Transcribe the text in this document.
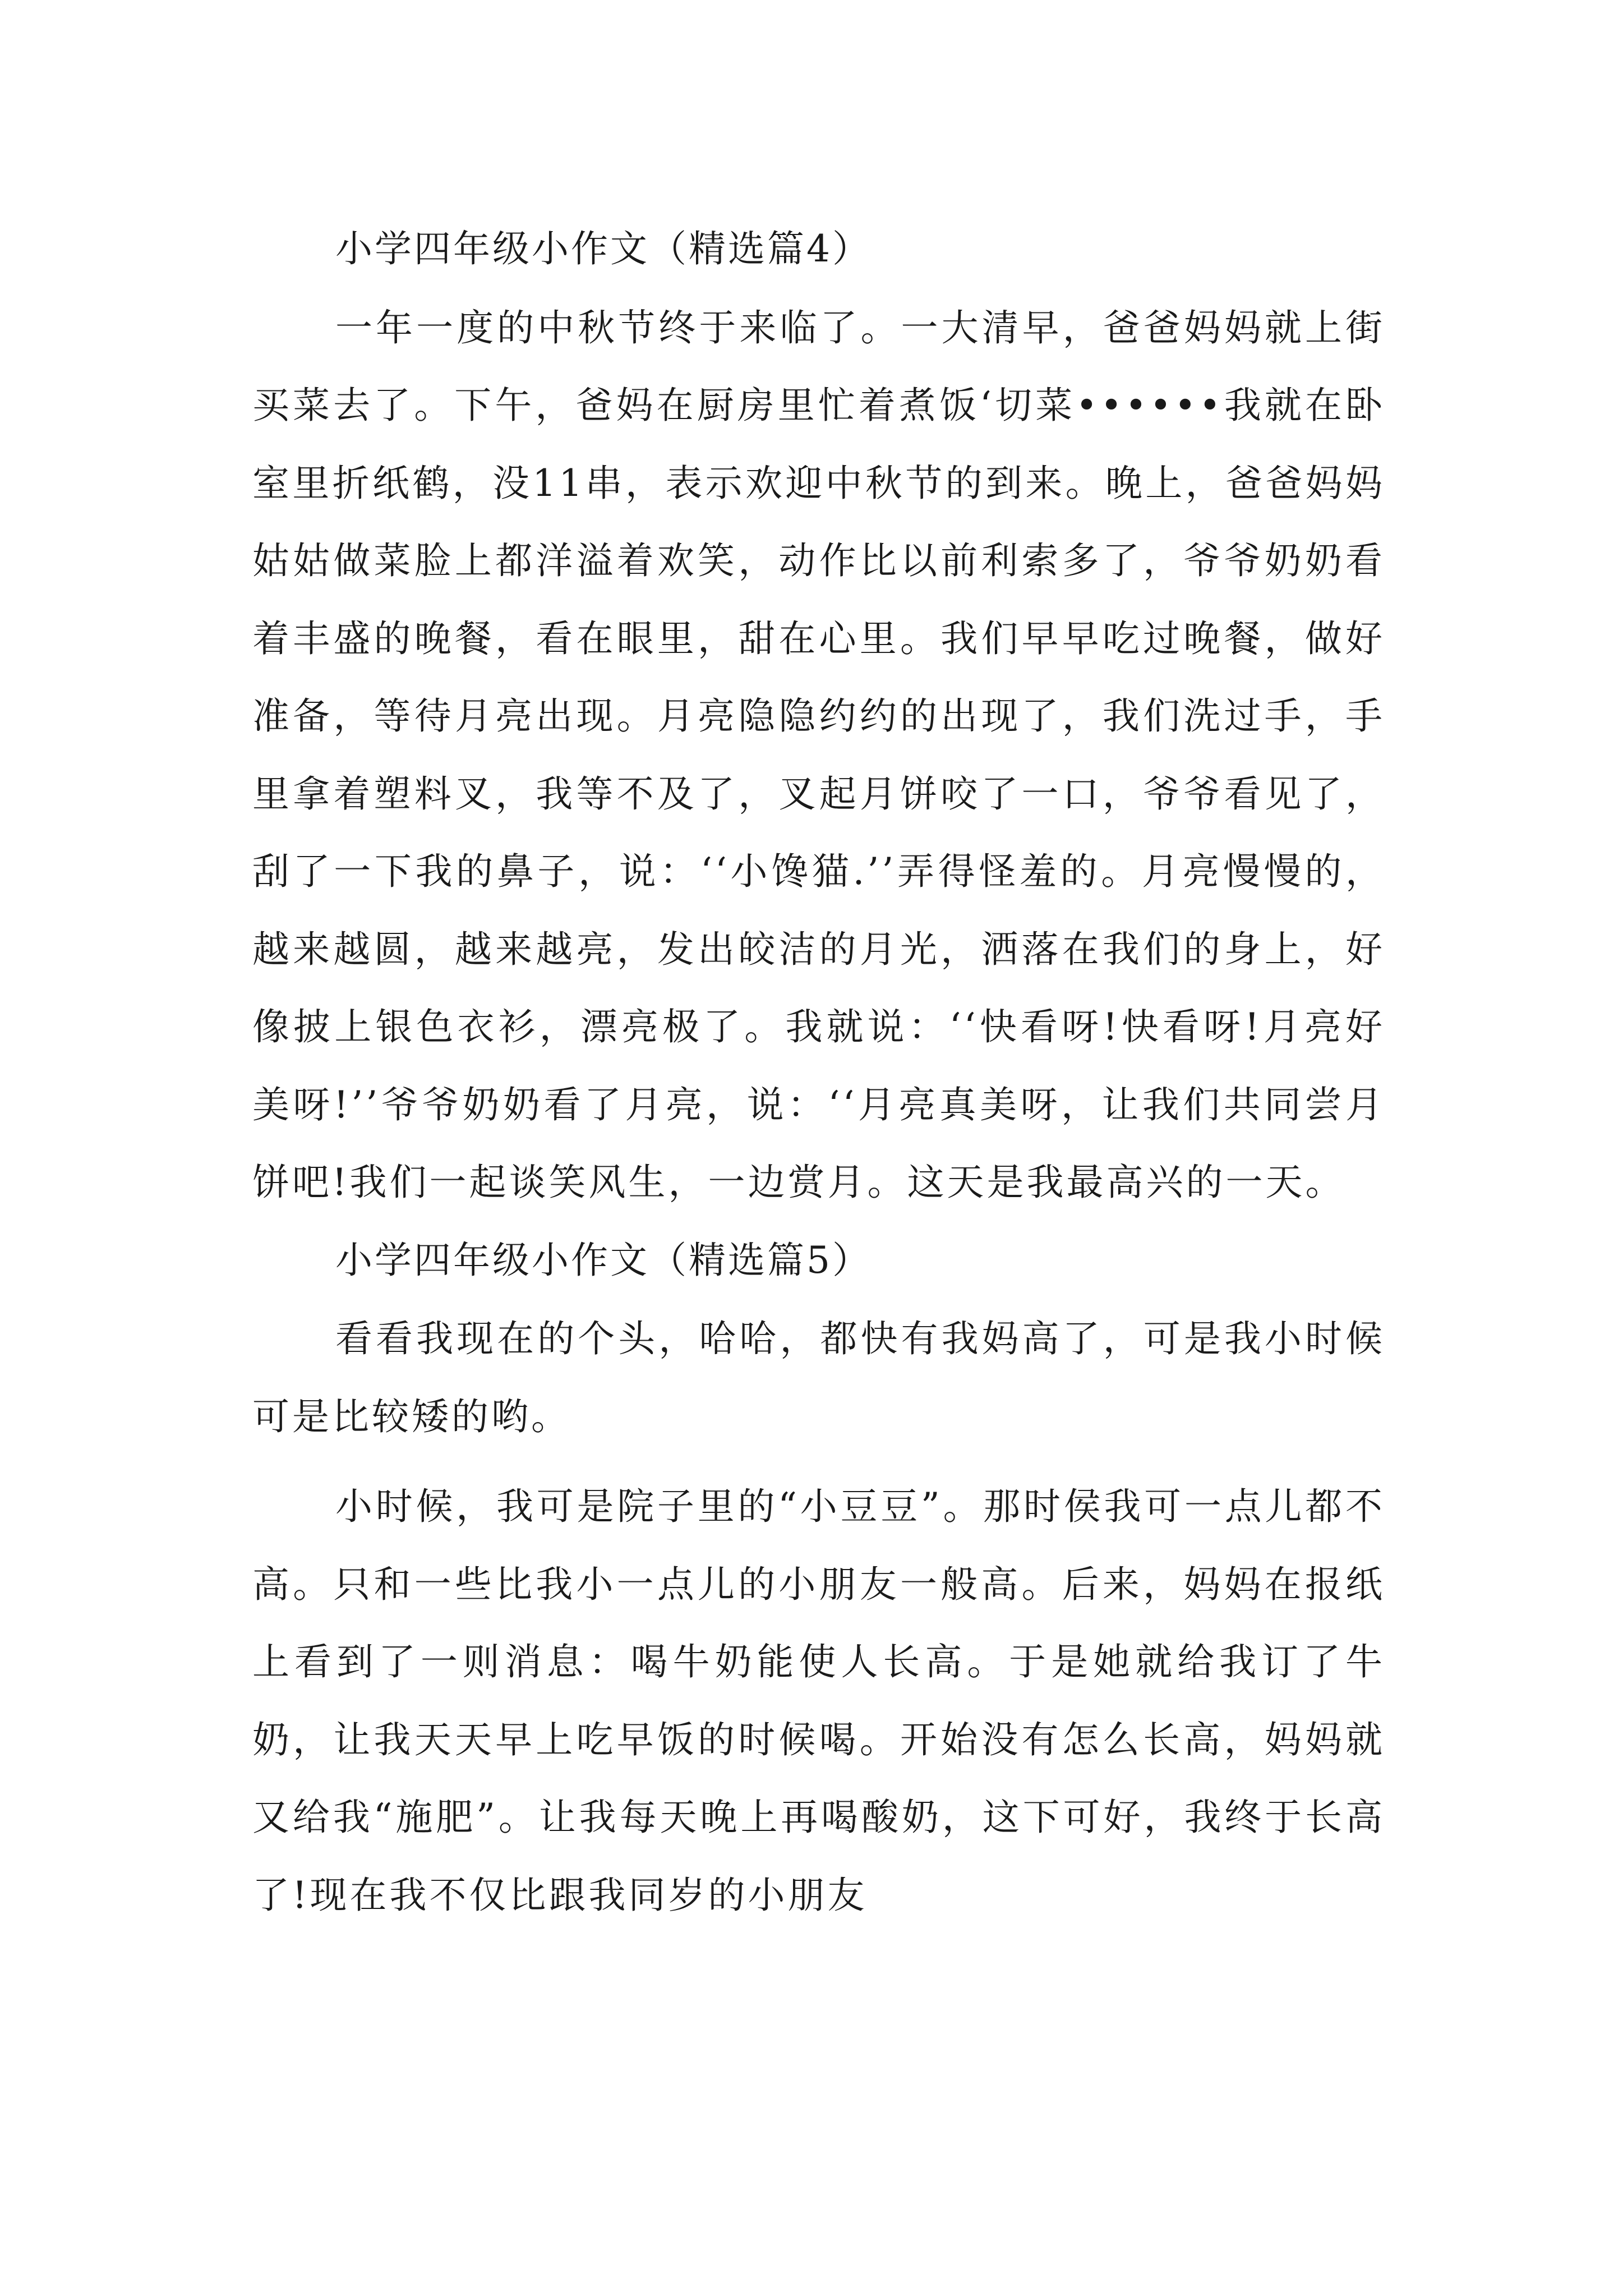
小学四年级小作文（精选篇4）

一年一度的中秋节终于来临了。一大清早，爸爸妈妈就上街买菜去了。下午，爸妈在厨房里忙着煮饭‘切菜••••••我就在卧室里折纸鹤，没11串，表示欢迎中秋节的到来。晚上，爸爸妈妈姑姑做菜脸上都洋溢着欢笑，动作比以前利索多了，爷爷奶奶看着丰盛的晚餐，看在眼里，甜在心里。我们早早吃过晚餐，做好准备，等待月亮出现。月亮隐隐约约的出现了，我们洗过手，手里拿着塑料叉，我等不及了，叉起月饼咬了一口，爷爷看见了，刮了一下我的鼻子，说：‘‘小馋猫.’’弄得怪羞的。月亮慢慢的，越来越圆，越来越亮，发出皎洁的月光，洒落在我们的身上，好像披上银色衣衫，漂亮极了。我就说：‘‘快看呀!快看呀!月亮好美呀!’’爷爷奶奶看了月亮，说：‘‘月亮真美呀，让我们共同尝月饼吧!我们一起谈笑风生，一边赏月。这天是我最高兴的一天。

小学四年级小作文（精选篇5）

看看我现在的个头，哈哈，都快有我妈高了，可是我小时候可是比较矮的哟。

小时候，我可是院子里的“小豆豆”。那时侯我可一点儿都不高。只和一些比我小一点儿的小朋友一般高。后来，妈妈在报纸上看到了一则消息：喝牛奶能使人长高。于是她就给我订了牛奶，让我天天早上吃早饭的时候喝。开始没有怎么长高，妈妈就又给我“施肥”。让我每天晚上再喝酸奶，这下可好，我终于长高了!现在我不仅比跟我同岁的小朋友
